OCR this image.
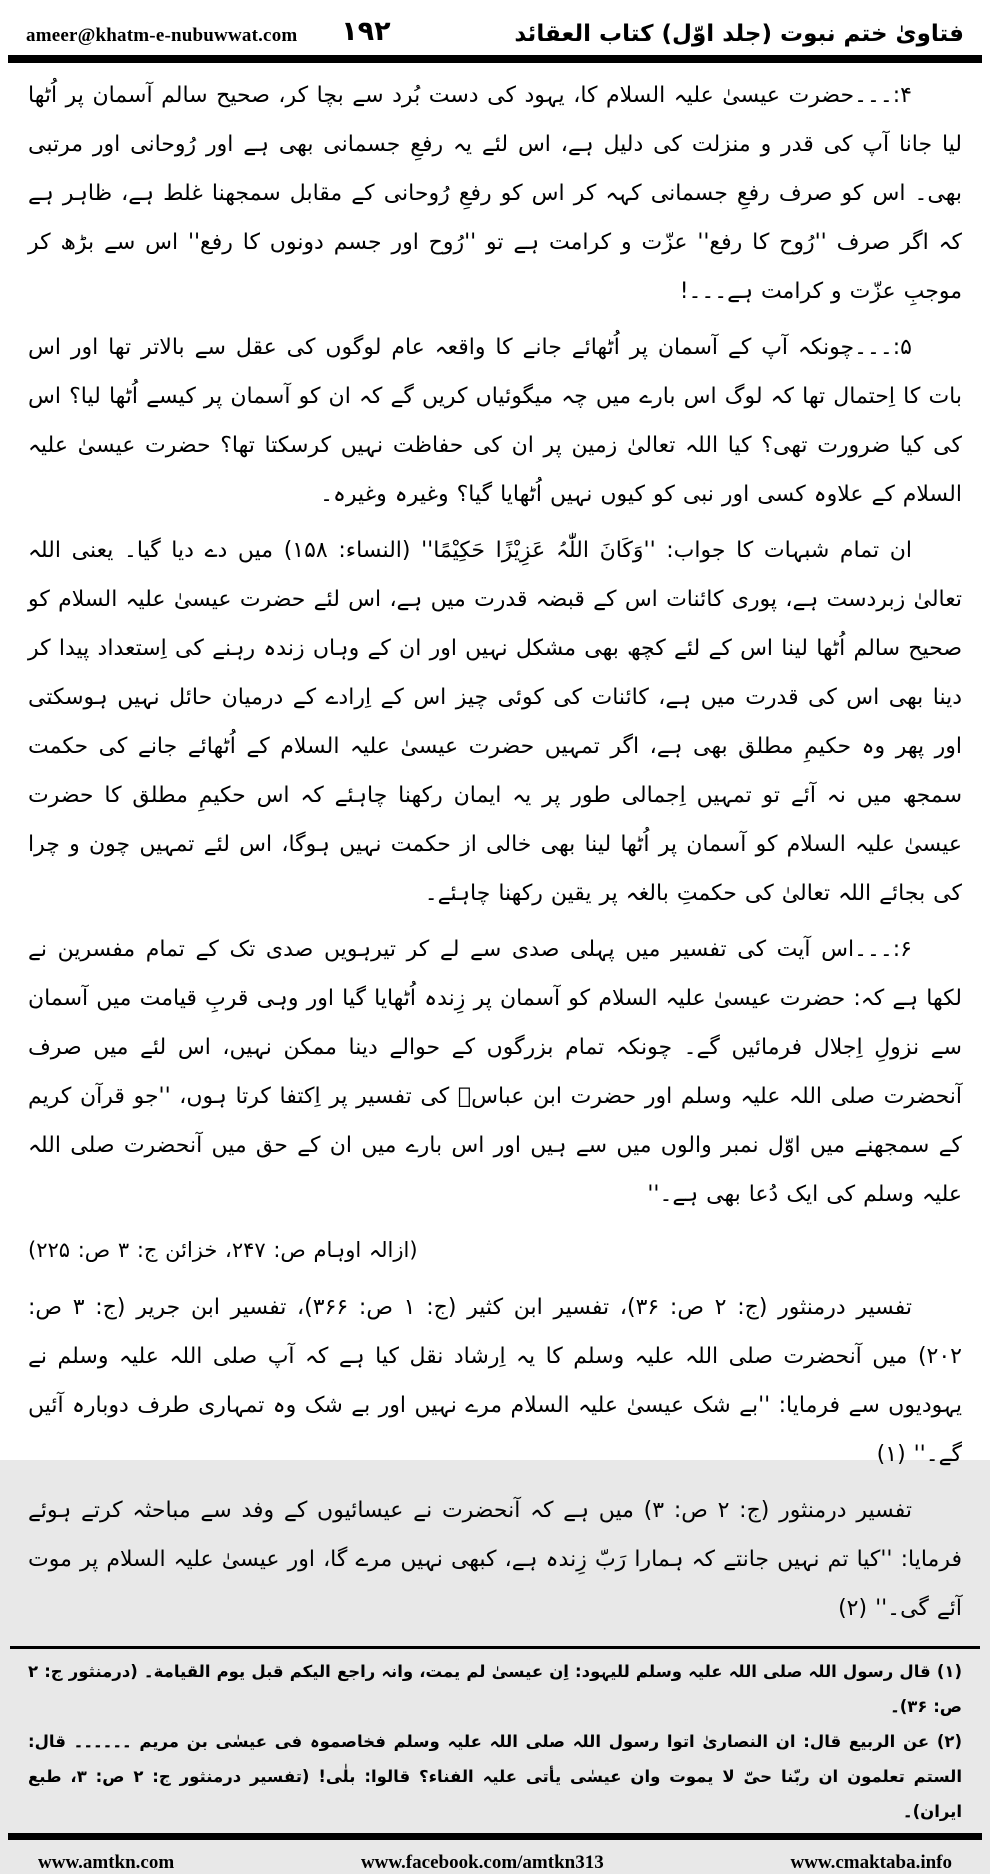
ameer@khatm-e-nubuwwat.com ۱۹۲	فتاویٰ ختم نبوت (جلد اوّل) کتاب العقائد

۴:۔۔۔حضرت عیسیٰ علیہ السلام کا، یہود کی دست بُرد سے بچا کر، صحیح سالم آسمان پر اُٹھا لیا جانا آپ کی قدر و منزلت کی دلیل ہے، اس لئے یہ رفعِ جسمانی بھی ہے اور رُوحانی اور مرتبی بھی۔ اس کو صرف رفعِ جسمانی کہہ کر اس کو رفعِ رُوحانی کے مقابل سمجھنا غلط ہے، ظاہر ہے کہ اگر صرف ''رُوح کا رفع'' عزّت و کرامت ہے تو ''رُوح اور جسم دونوں کا رفع'' اس سے بڑھ کر موجبِ عزّت و کرامت ہے۔۔۔!

۵:۔۔۔چونکہ آپ کے آسمان پر اُٹھائے جانے کا واقعہ عام لوگوں کی عقل سے بالاتر تھا اور اس بات کا اِحتمال تھا کہ لوگ اس بارے میں چہ میگوئیاں کریں گے کہ ان کو آسمان پر کیسے اُٹھا لیا؟ اس کی کیا ضرورت تھی؟ کیا اللہ تعالیٰ زمین پر ان کی حفاظت نہیں کرسکتا تھا؟ حضرت عیسیٰ علیہ السلام کے علاوہ کسی اور نبی کو کیوں نہیں اُٹھایا گیا؟ وغیرہ وغیرہ۔

ان تمام شبہات کا جواب: ''وَکَانَ اللّٰہُ عَزِیْزًا حَکِیْمًا'' (النساء: ۱۵۸) میں دے دیا گیا۔ یعنی اللہ تعالیٰ زبردست ہے، پوری کائنات اس کے قبضہ قدرت میں ہے، اس لئے حضرت عیسیٰ علیہ السلام کو صحیح سالم اُٹھا لینا اس کے لئے کچھ بھی مشکل نہیں اور ان کے وہاں زندہ رہنے کی اِستعداد پیدا کر دینا بھی اس کی قدرت میں ہے، کائنات کی کوئی چیز اس کے اِرادے کے درمیان حائل نہیں ہوسکتی اور پھر وہ حکیمِ مطلق بھی ہے، اگر تمہیں حضرت عیسیٰ علیہ السلام کے اُٹھائے جانے کی حکمت سمجھ میں نہ آئے تو تمہیں اِجمالی طور پر یہ ایمان رکھنا چاہئے کہ اس حکیمِ مطلق کا حضرت عیسیٰ علیہ السلام کو آسمان پر اُٹھا لینا بھی خالی از حکمت نہیں ہوگا، اس لئے تمہیں چون و چرا کی بجائے اللہ تعالیٰ کی حکمتِ بالغہ پر یقین رکھنا چاہئے۔

۶:۔۔۔اس آیت کی تفسیر میں پہلی صدی سے لے کر تیرہویں صدی تک کے تمام مفسرین نے لکھا ہے کہ: حضرت عیسیٰ علیہ السلام کو آسمان پر زِندہ اُٹھایا گیا اور وہی قربِ قیامت میں آسمان سے نزولِ اِجلال فرمائیں گے۔ چونکہ تمام بزرگوں کے حوالے دینا ممکن نہیں، اس لئے میں صرف آنحضرت صلی اللہ علیہ وسلم اور حضرت ابن عباسؓ کی تفسیر پر اِکتفا کرتا ہوں، ''جو قرآن کریم کے سمجھنے میں اوّل نمبر والوں میں سے ہیں اور اس بارے میں ان کے حق میں آنحضرت صلی اللہ علیہ وسلم کی ایک دُعا بھی ہے۔''

(ازالہ اوہام ص: ۲۴۷، خزائن ج: ۳ ص: ۲۲۵)

تفسیر درمنثور (ج: ۲ ص: ۳۶)، تفسیر ابن کثیر (ج: ۱ ص: ۳۶۶)، تفسیر ابن جریر (ج: ۳ ص: ۲۰۲) میں آنحضرت صلی اللہ علیہ وسلم کا یہ اِرشاد نقل کیا ہے کہ آپ صلی اللہ علیہ وسلم نے یہودیوں سے فرمایا: ''بے شک عیسیٰ علیہ السلام مرے نہیں اور بے شک وہ تمہاری طرف دوبارہ آئیں گے۔'' (۱)

تفسیر درمنثور (ج: ۲ ص: ۳) میں ہے کہ آنحضرت نے عیسائیوں کے وفد سے مباحثہ کرتے ہوئے فرمایا: ''کیا تم نہیں جانتے کہ ہمارا رَبّ زِندہ ہے، کبھی نہیں مرے گا، اور عیسیٰ علیہ السلام پر موت آئے گی۔'' (۲)

(۱) قال رسول اللہ صلی اللہ علیہ وسلم للیہود: اِن عیسیٰ لم یمت، وانہ راجع الیکم قبل یوم القیامة۔ (درمنثور ج: ۲ ص: ۳۶)۔

(۲) عن الربیع قال: ان النصاریٰ اتوا رسول اللہ صلی اللہ علیہ وسلم فخاصموہ فی عیسٰی بن مریم ۔۔۔۔۔۔ قال: الستم تعلمون ان ربّنا حیّ لا یموت وان عیسٰی یأتی علیہ الفناء؟ قالوا: بلٰی! (تفسیر درمنثور ج: ۲ ص: ۳، طبع ایران)۔

www.amtkn.com	www.facebook.com/amtkn313	www.cmaktaba.info
